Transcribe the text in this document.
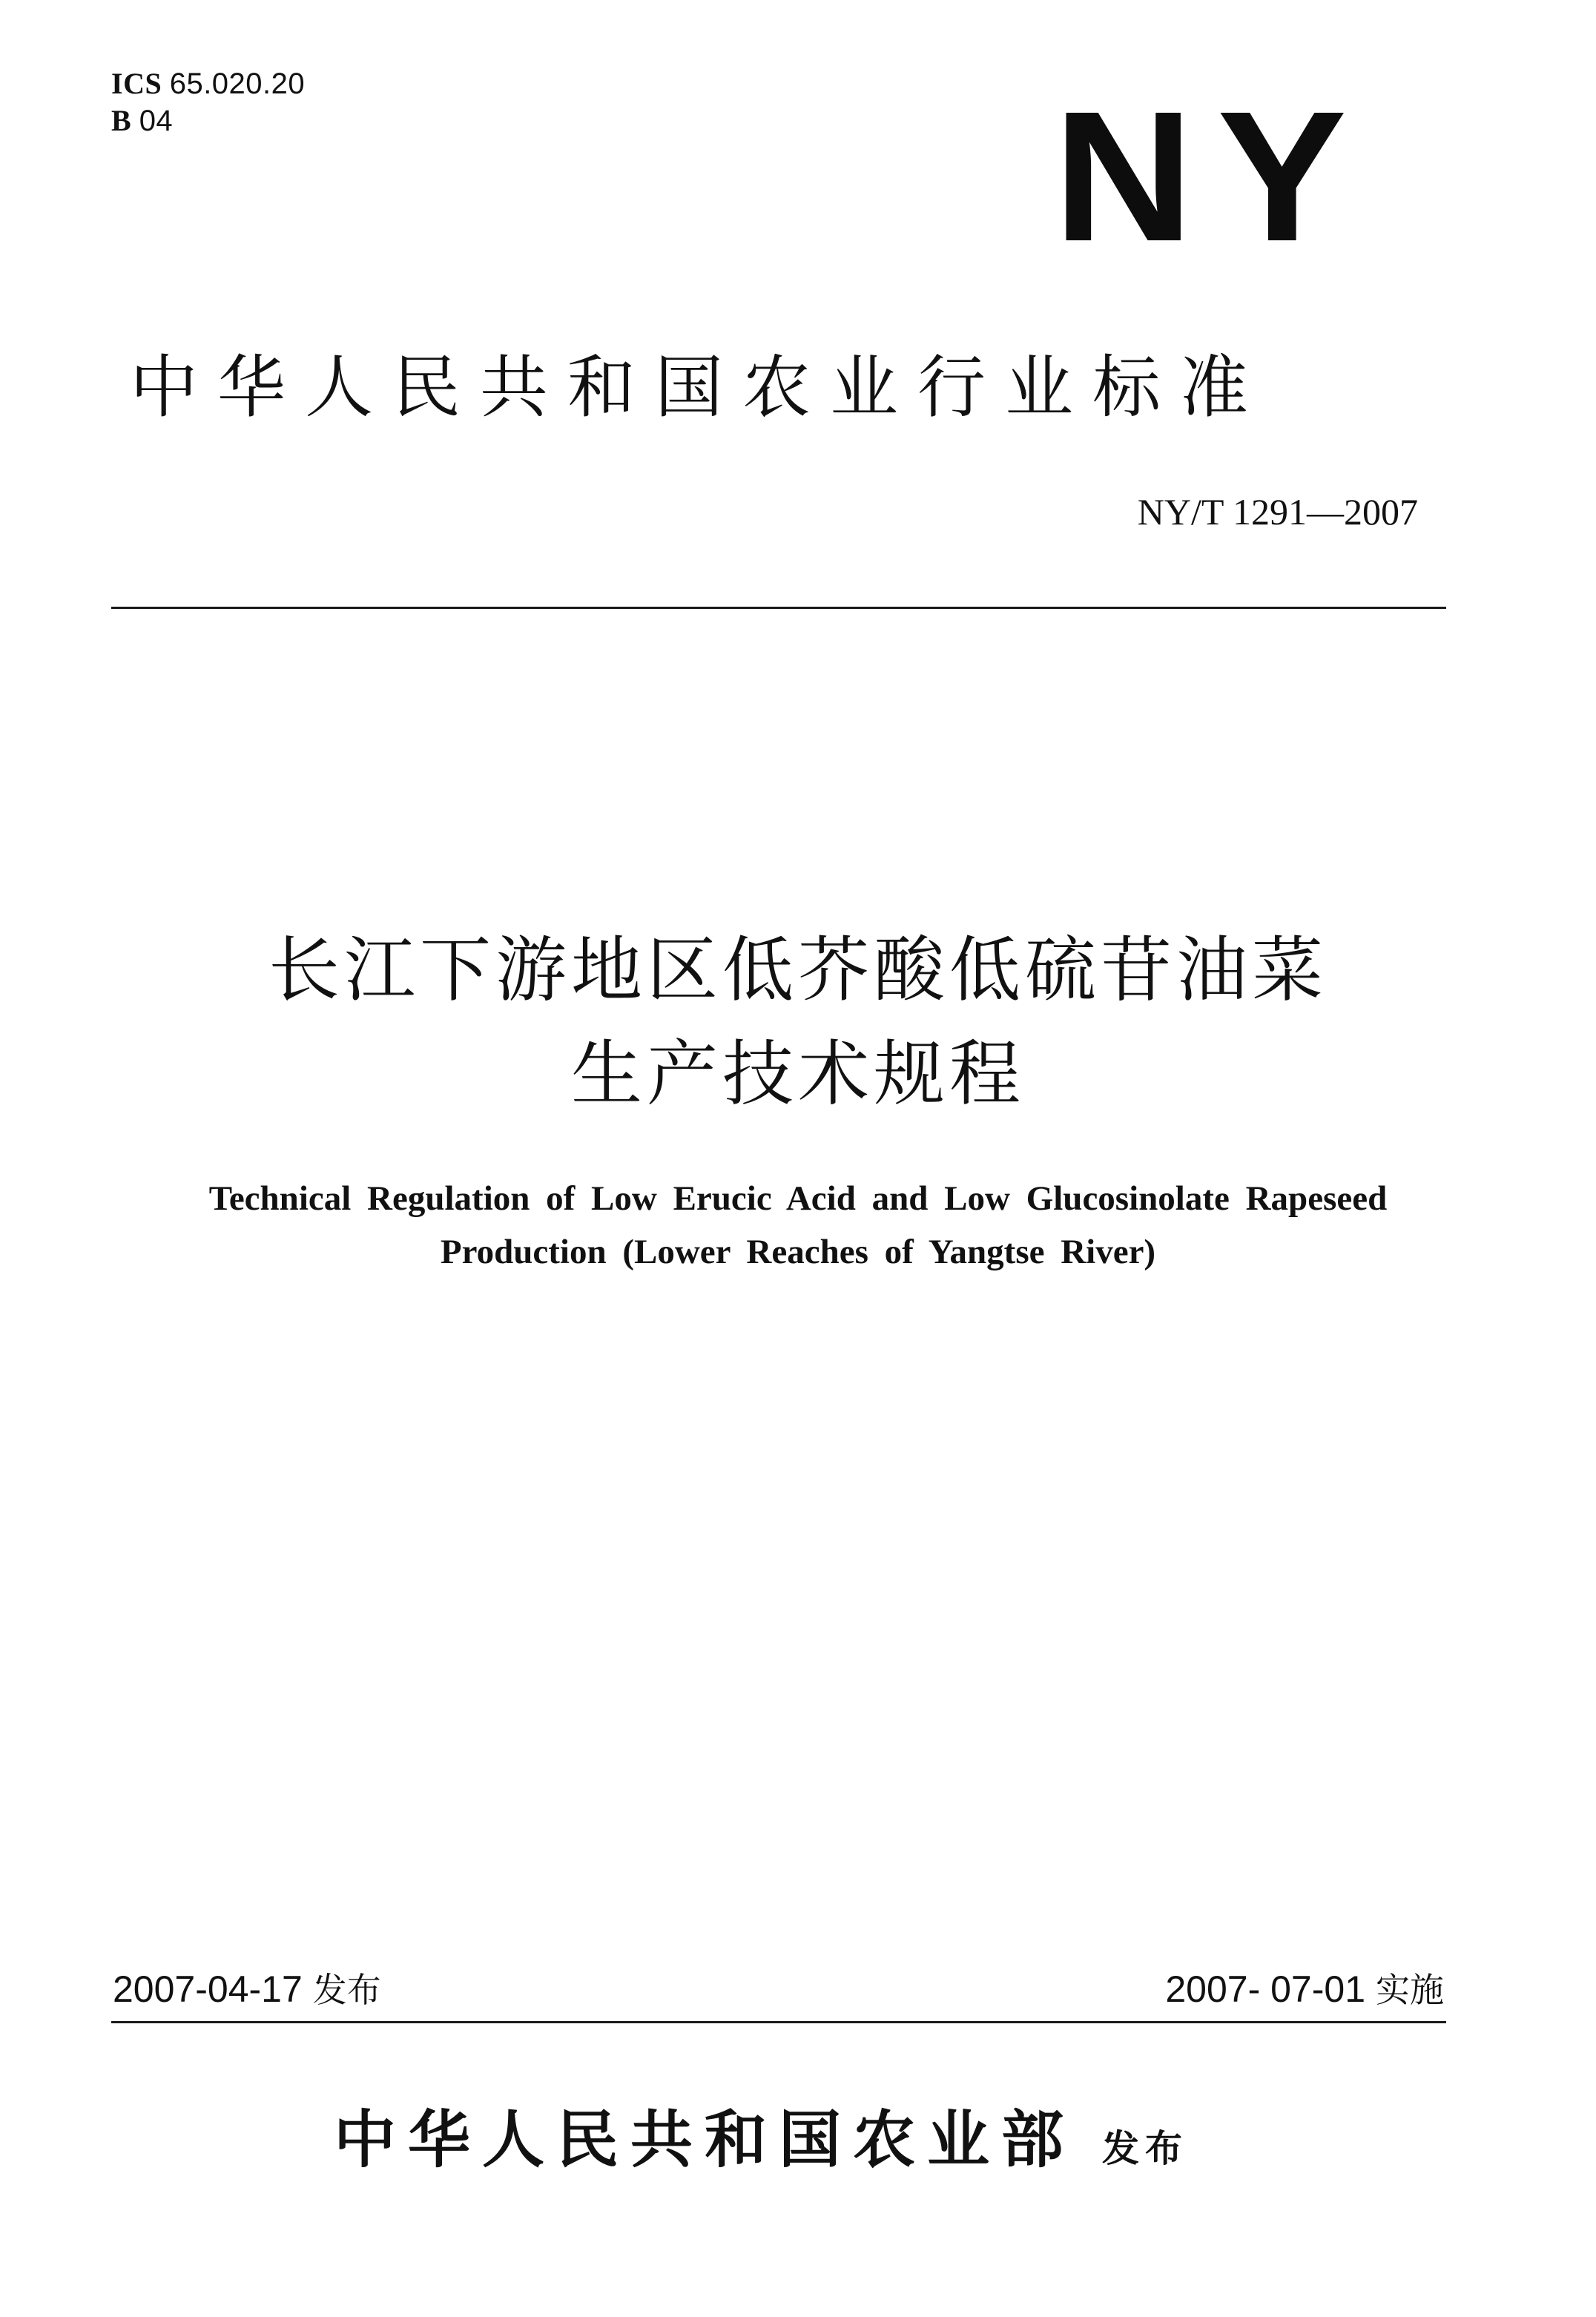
ICS 65.020.20
B 04	NY
中华人民共和国农业行业标准
NY/T 1291—2007
长江下游地区低芥酸低硫苷油菜
生产技术规程
Technical Regulation of Low Erucic Acid and Low Glucosinolate Rapeseed
Production (Lower Reaches of Yangtse River)
2007-04-17 发布	2007- 07-01 实施
中华人民共和国农业部 发布
